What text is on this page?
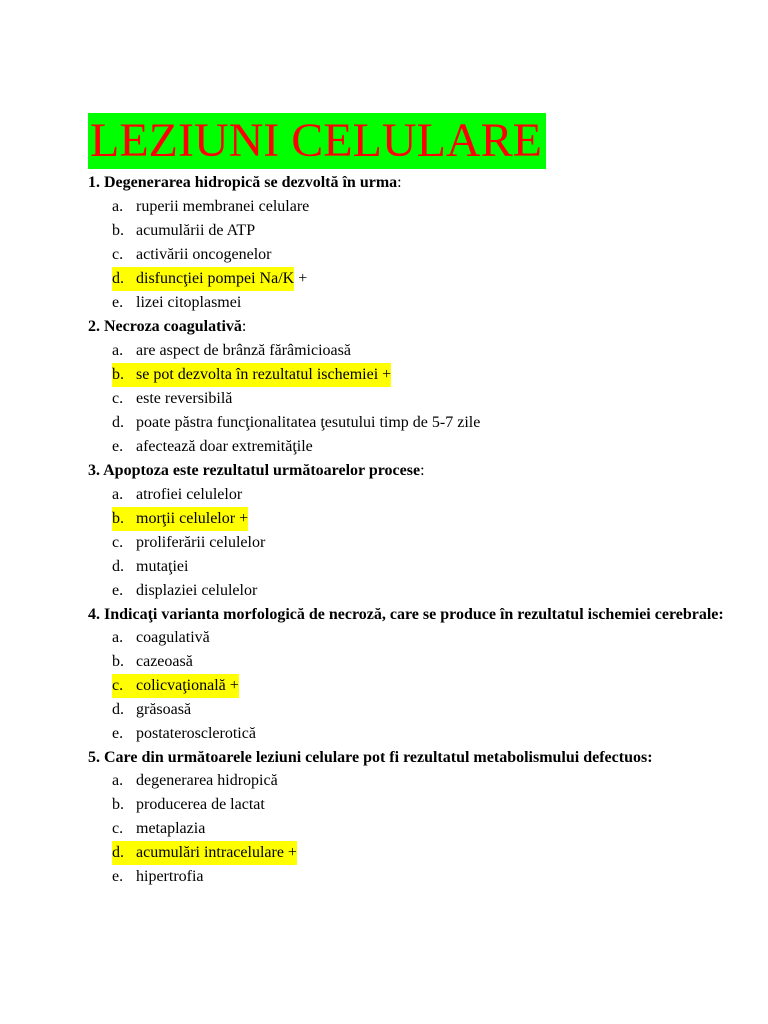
LEZIUNI CELULARE
1. Degenerarea hidropică se dezvoltă în urma:
a. ruperii membranei celulare
b. acumulării de ATP
c. activării oncogenelor
d. disfuncţiei pompei Na/K +
e. lizei citoplasmei
2. Necroza coagulativă:
a. are aspect de brânză fărâmicioasă
b. se pot dezvolta în rezultatul ischemiei +
c. este reversibilă
d. poate păstra funcţionalitatea ţesutului timp de 5-7 zile
e. afectează doar extremităţile
3. Apoptoza este rezultatul următoarelor procese:
a. atrofiei celulelor
b. morţii celulelor +
c. proliferării celulelor
d. mutaţiei
e. displaziei celulelor
4. Indicaţi varianta morfologică de necroză, care se produce în rezultatul ischemiei cerebrale:
a. coagulativă
b. cazeoasă
c. colicvaţională +
d. grăsoasă
e. postaterosclerotică
5. Care din următoarele leziuni celulare pot fi rezultatul metabolismului defectuos:
a. degenerarea hidropică
b. producerea de lactat
c. metaplazia
d. acumulări intracelulare +
e. hipertrofia
